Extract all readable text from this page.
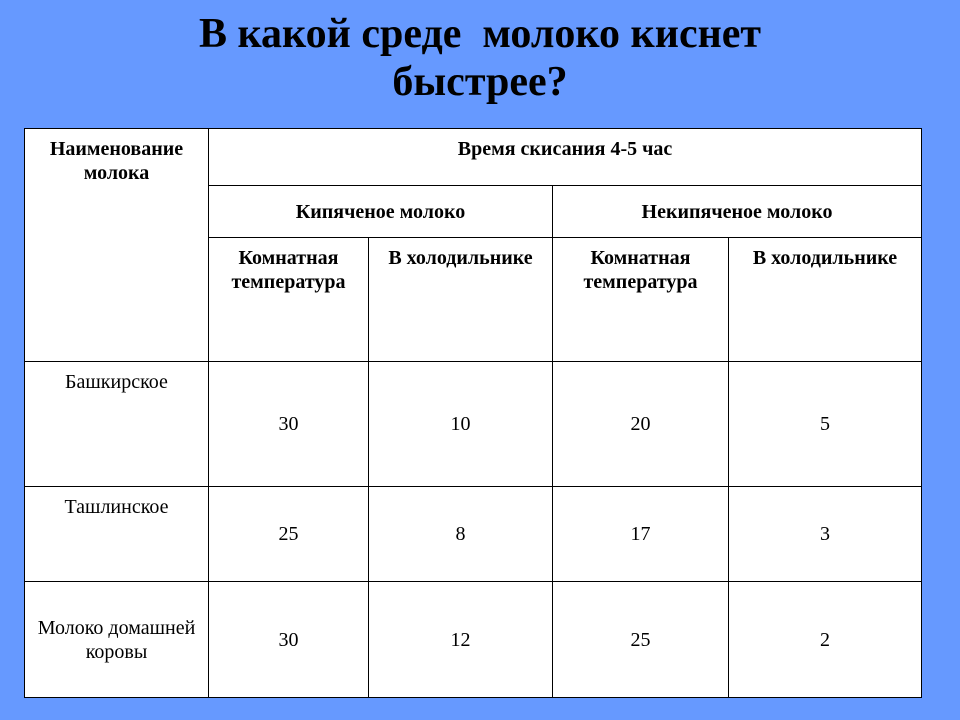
В какой среде  молоко киснет
быстрее?
Наименование молока	Время скисания 4-5 час			
	Кипяченое молоко		Некипяченое молоко	
	Комнатная температура	В холодильнике	Комнатная температура	В холодильнике
Башкирское	30	10	20	5
Ташлинское	25	8	17	3
Молоко домашней коровы	30	12	25	2
